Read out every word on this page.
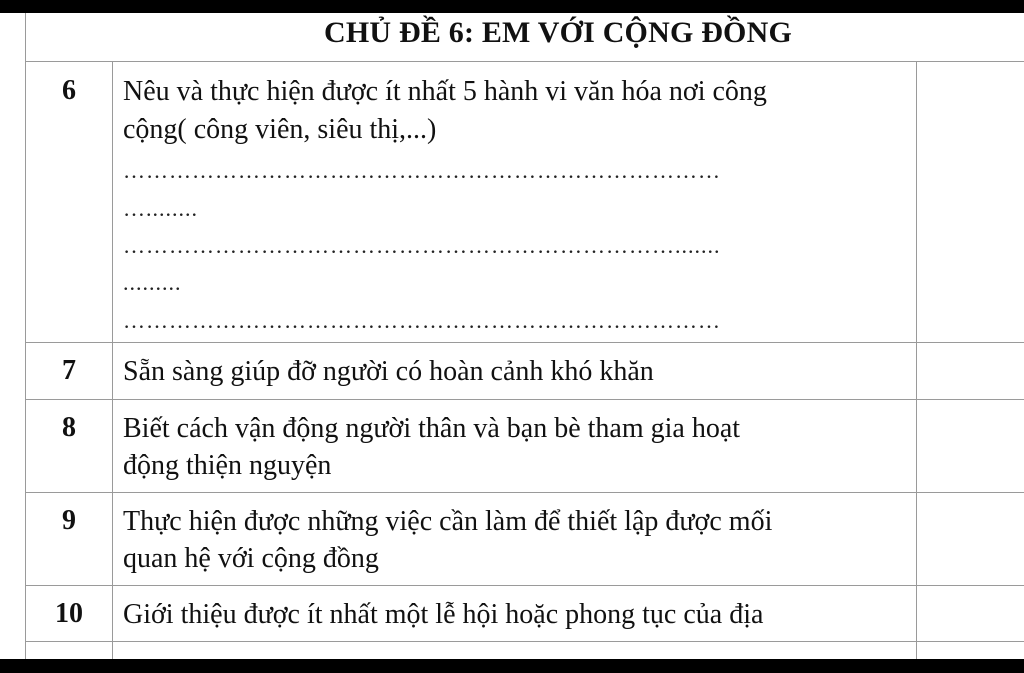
CHỦ ĐỀ 6: EM VỚI CỘNG ĐỒNG
6	Nêu và thực hiện được ít nhất 5 hành vi văn hóa nơi công
cộng( công viên, siêu thị,...)
……………………………………………………………………
…........
……………………………………………………………….......
.........
……………………………………………………………………
7	Sẵn sàng giúp đỡ người có hoàn cảnh khó khăn
8	Biết cách vận động người thân và bạn bè tham gia hoạt
động thiện nguyện
9	Thực hiện được những việc cần làm để thiết lập được mối
quan hệ với cộng đồng
10	Giới thiệu được ít nhất một lễ hội hoặc phong tục của địa
